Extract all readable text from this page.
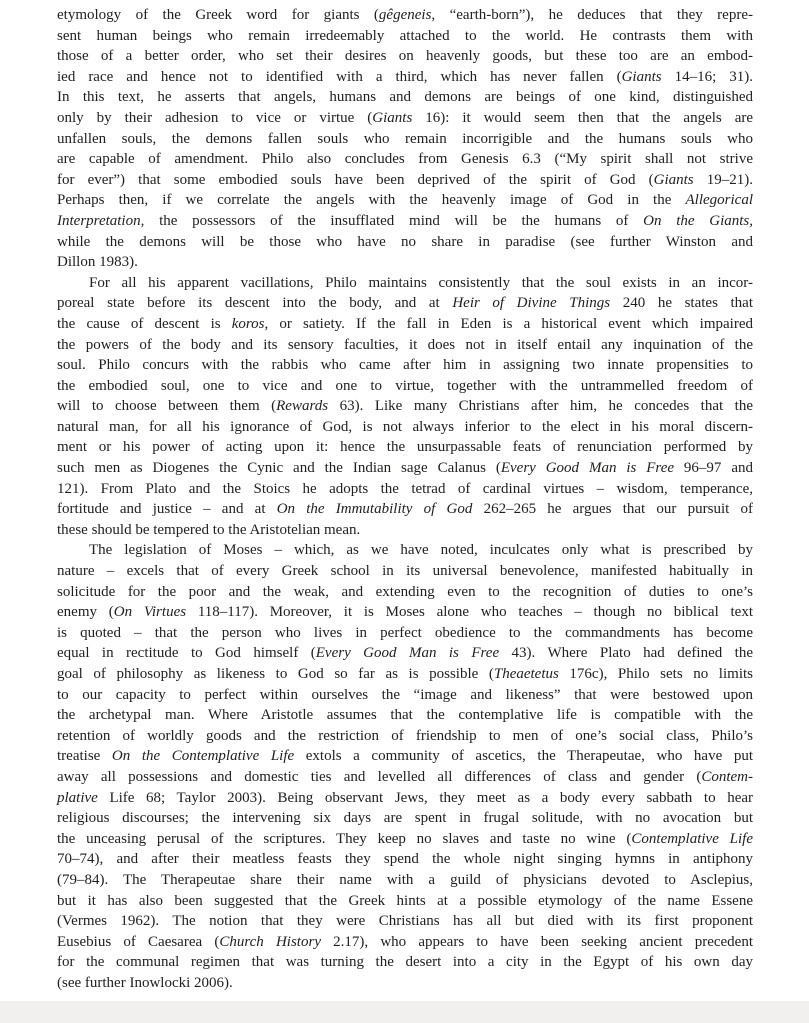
etymology of the Greek word for giants (gêgeneis, “earth-born”), he deduces that they repre-
sent human beings who remain irredeemably attached to the world. He contrasts them with
those of a better order, who set their desires on heavenly goods, but these too are an embod-
ied race and hence not to identified with a third, which has never fallen (Giants 14–16; 31).
In this text, he asserts that angels, humans and demons are beings of one kind, distinguished
only by their adhesion to vice or virtue (Giants 16): it would seem then that the angels are
unfallen souls, the demons fallen souls who remain incorrigible and the humans souls who
are capable of amendment. Philo also concludes from Genesis 6.3 (“My spirit shall not strive
for ever”) that some embodied souls have been deprived of the spirit of God (Giants 19–21).
Perhaps then, if we correlate the angels with the heavenly image of God in the Allegorical
Interpretation, the possessors of the insufflated mind will be the humans of On the Giants,
while the demons will be those who have no share in paradise (see further Winston and
Dillon 1983).
For all his apparent vacillations, Philo maintains consistently that the soul exists in an incor-
poreal state before its descent into the body, and at Heir of Divine Things 240 he states that
the cause of descent is koros, or satiety. If the fall in Eden is a historical event which impaired
the powers of the body and its sensory faculties, it does not in itself entail any inquination of the
soul. Philo concurs with the rabbis who came after him in assigning two innate propensities to
the embodied soul, one to vice and one to virtue, together with the untrammelled freedom of
will to choose between them (Rewards 63). Like many Christians after him, he concedes that the
natural man, for all his ignorance of God, is not always inferior to the elect in his moral discern-
ment or his power of acting upon it: hence the unsurpassable feats of renunciation performed by
such men as Diogenes the Cynic and the Indian sage Calanus (Every Good Man is Free 96–97 and
121). From Plato and the Stoics he adopts the tetrad of cardinal virtues – wisdom, temperance,
fortitude and justice – and at On the Immutability of God 262–265 he argues that our pursuit of
these should be tempered to the Aristotelian mean.
The legislation of Moses – which, as we have noted, inculcates only what is prescribed by
nature – excels that of every Greek school in its universal benevolence, manifested habitually in
solicitude for the poor and the weak, and extending even to the recognition of duties to one’s
enemy (On Virtues 118–117). Moreover, it is Moses alone who teaches – though no biblical text
is quoted – that the person who lives in perfect obedience to the commandments has become
equal in rectitude to God himself (Every Good Man is Free 43). Where Plato had defined the
goal of philosophy as likeness to God so far as is possible (Theaetetus 176c), Philo sets no limits
to our capacity to perfect within ourselves the “image and likeness” that were bestowed upon
the archetypal man. Where Aristotle assumes that the contemplative life is compatible with the
retention of worldly goods and the restriction of friendship to men of one’s social class, Philo’s
treatise On the Contemplative Life extols a community of ascetics, the Therapeutae, who have put
away all possessions and domestic ties and levelled all differences of class and gender (Contem-
plative Life 68; Taylor 2003). Being observant Jews, they meet as a body every sabbath to hear
religious discourses; the intervening six days are spent in frugal solitude, with no avocation but
the unceasing perusal of the scriptures. They keep no slaves and taste no wine (Contemplative Life
70–74), and after their meatless feasts they spend the whole night singing hymns in antiphony
(79–84). The Therapeutae share their name with a guild of physicians devoted to Asclepius,
but it has also been suggested that the Greek hints at a possible etymology of the name Essene
(Vermes 1962). The notion that they were Christians has all but died with its first proponent
Eusebius of Caesarea (Church History 2.17), who appears to have been seeking ancient precedent
for the communal regimen that was turning the desert into a city in the Egypt of his own day
(see further Inowlocki 2006).
